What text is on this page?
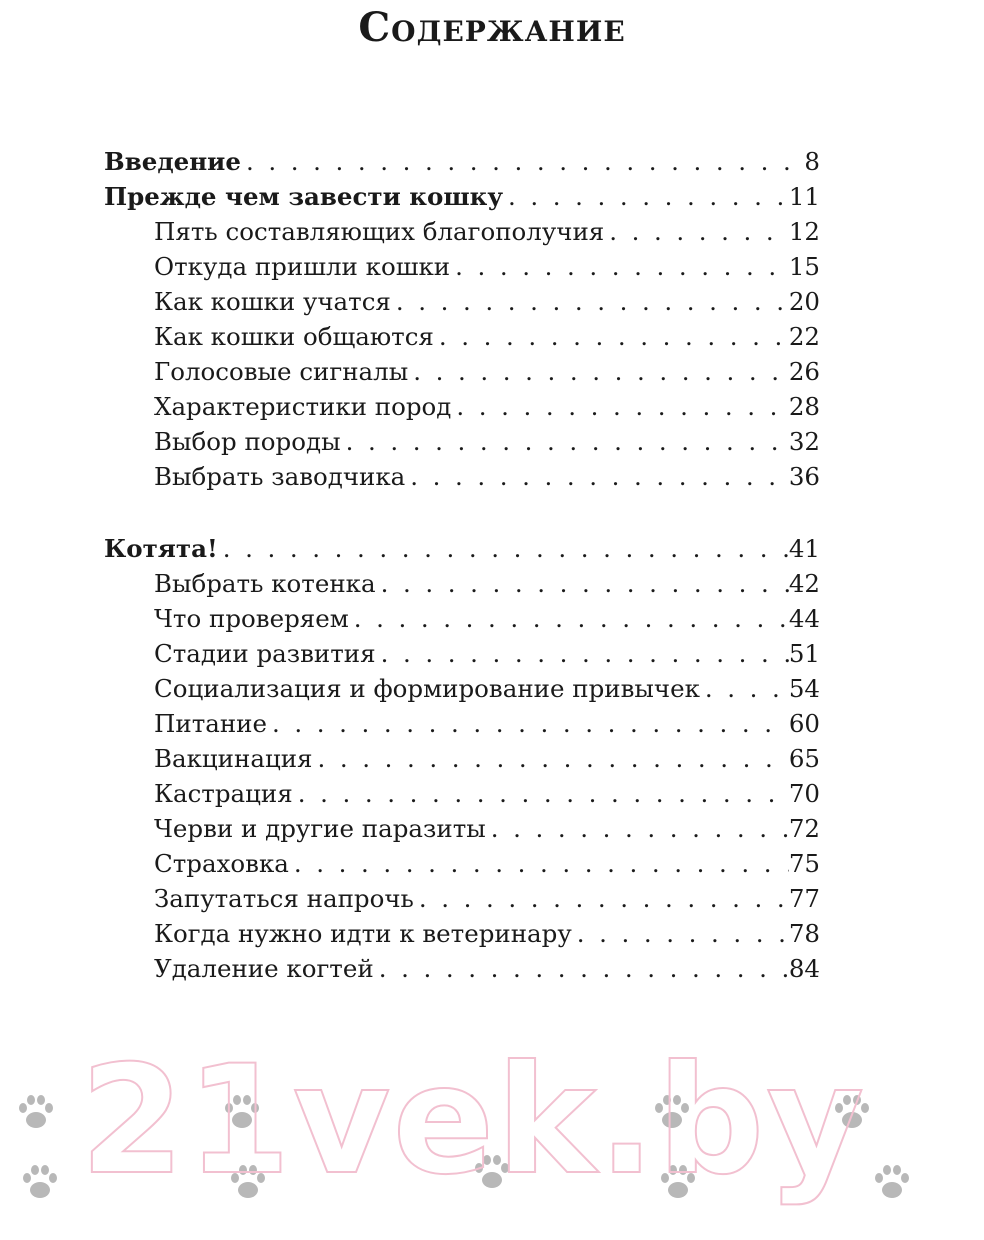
Содержание
Введение . . .	8
Прежде чем завести кошку . . .	11
Пять составляющих благополучия . . .	12
Откуда пришли кошки . . .	15
Как кошки учатся . . .	20
Как кошки общаются . . .	22
Голосовые сигналы . . .	26
Характеристики пород . . .	28
Выбор породы . . .	32
Выбрать заводчика . . .	36
Котята! . . .	41
Выбрать котенка . . .	42
Что проверяем . . .	44
Стадии развития . . .	51
Социализация и формирование привычек . . .	54
Питание . . .	60
Вакцинация . . .	65
Кастрация . . .	70
Черви и другие паразиты . . .	72
Страховка . . .	75
Запутаться напрочь . . .	77
Когда нужно идти к ветеринару . . .	78
Удаление когтей . . .	84
21vek.by
